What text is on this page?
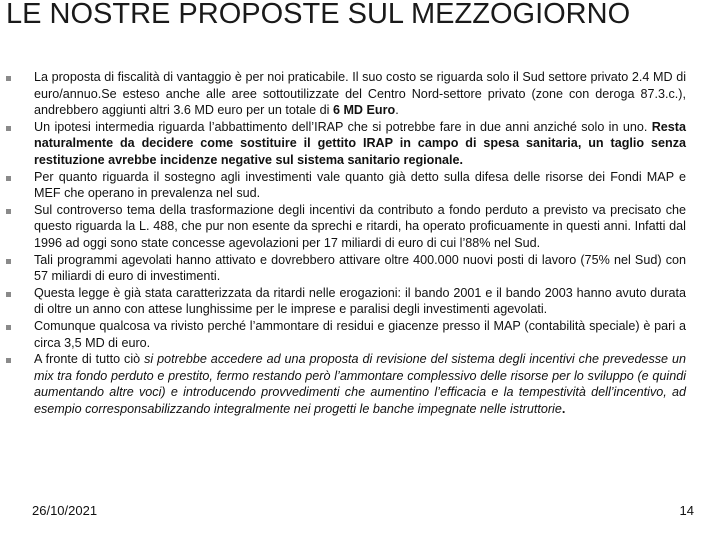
LE NOSTRE PROPOSTE SUL MEZZOGIORNO
La proposta di fiscalità di vantaggio è per noi praticabile. Il suo costo se riguarda solo il Sud settore privato 2.4 MD di euro/annuo.Se esteso anche alle aree sottoutilizzate del Centro Nord-settore privato (zone con deroga 87.3.c.), andrebbero aggiunti altri 3.6 MD euro per un totale di 6 MD Euro.
Un ipotesi intermedia riguarda l’abbattimento dell’IRAP che si potrebbe fare in due anni anziché solo in uno. Resta naturalmente da decidere come sostituire il gettito IRAP in campo di spesa sanitaria, un taglio senza restituzione avrebbe incidenze negative sul sistema sanitario regionale.
Per quanto riguarda il sostegno agli investimenti vale quanto già detto sulla difesa delle risorse dei Fondi MAP e MEF che operano in prevalenza nel sud.
Sul controverso tema della trasformazione degli incentivi da contributo a fondo perduto a previsto va precisato che questo riguarda la L. 488, che pur non esente da sprechi e ritardi, ha operato proficuamente in questi anni. Infatti dal 1996 ad oggi sono state concesse agevolazioni per 17 miliardi di euro di cui l’88% nel Sud.
Tali programmi agevolati hanno attivato e dovrebbero attivare oltre 400.000 nuovi posti di lavoro (75% nel Sud) con 57 miliardi di euro di investimenti.
Questa legge è già stata caratterizzata da ritardi nelle erogazioni: il bando 2001 e il bando 2003 hanno avuto durata di oltre un anno con attese lunghissime per le imprese e paralisi degli investimenti agevolati.
Comunque qualcosa va rivisto perché l’ammontare di residui e giacenze presso il MAP (contabilità speciale) è pari a circa 3,5 MD di euro.
A fronte di tutto ciò si potrebbe accedere ad una proposta di revisione del sistema degli incentivi che prevedesse un mix tra fondo perduto e prestito, fermo restando però l’ammontare complessivo delle risorse per lo sviluppo (e quindi aumentando altre voci) e introducendo provvedimenti che aumentino l’efficacia e la tempestività dell’incentivo, ad esempio corresponsabilizzando integralmente nei progetti le banche impegnate nelle istruttorie.
26/10/2021	14
